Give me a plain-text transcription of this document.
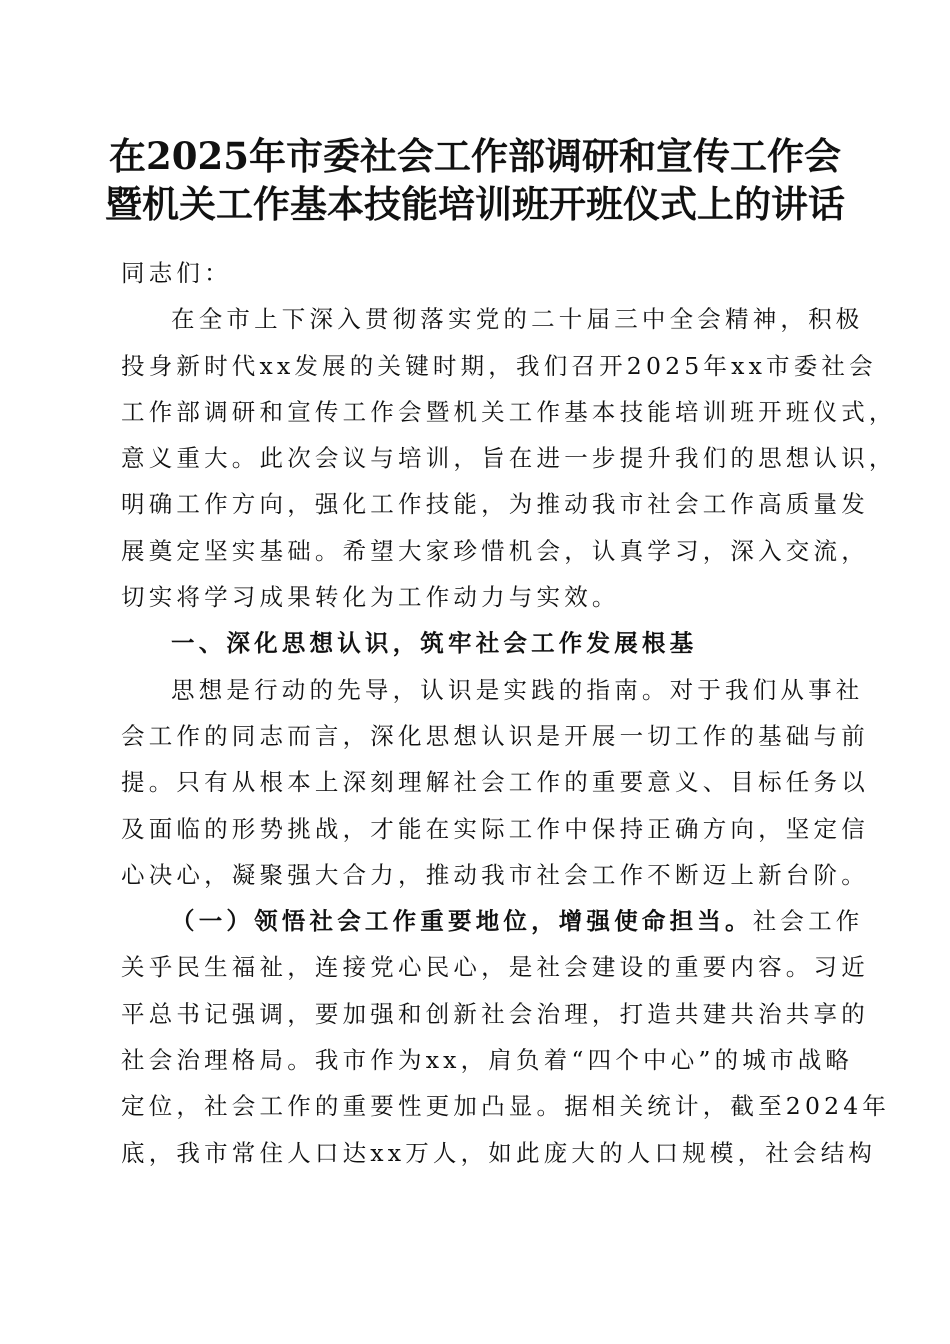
在2025年市委社会工作部调研和宣传工作会
暨机关工作基本技能培训班开班仪式上的讲话
同志们：
在全市上下深入贯彻落实党的二十届三中全会精神，积极
投身新时代xx发展的关键时期，我们召开2025年xx市委社会
工作部调研和宣传工作会暨机关工作基本技能培训班开班仪式，
意义重大。此次会议与培训，旨在进一步提升我们的思想认识，
明确工作方向，强化工作技能，为推动我市社会工作高质量发
展奠定坚实基础。希望大家珍惜机会，认真学习，深入交流，
切实将学习成果转化为工作动力与实效。
一、深化思想认识，筑牢社会工作发展根基
思想是行动的先导，认识是实践的指南。对于我们从事社
会工作的同志而言，深化思想认识是开展一切工作的基础与前
提。只有从根本上深刻理解社会工作的重要意义、目标任务以
及面临的形势挑战，才能在实际工作中保持正确方向，坚定信
心决心，凝聚强大合力，推动我市社会工作不断迈上新台阶。
（一）领悟社会工作重要地位，增强使命担当。社会工作
关乎民生福祉，连接党心民心，是社会建设的重要内容。习近
平总书记强调，要加强和创新社会治理，打造共建共治共享的
社会治理格局。我市作为xx，肩负着“四个中心”的城市战略
定位，社会工作的重要性更加凸显。据相关统计，截至2024年
底，我市常住人口达xx万人，如此庞大的人口规模，社会结构
